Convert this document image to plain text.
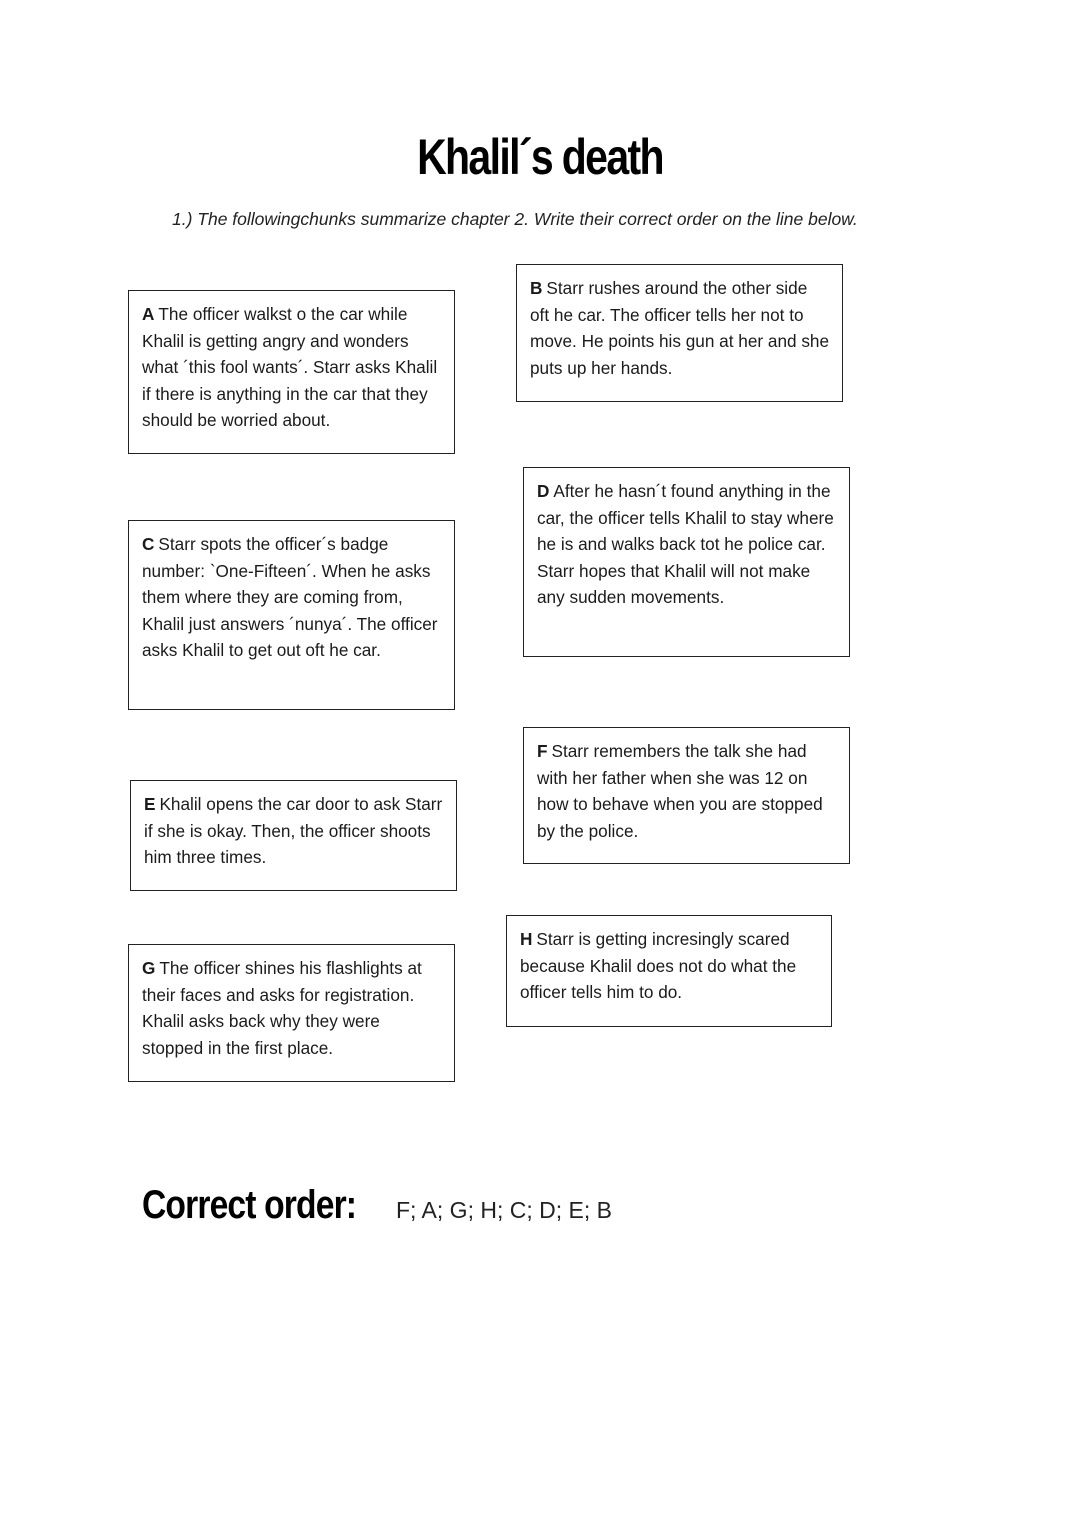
Khalil´s death
1.) The followingchunks summarize chapter 2. Write their correct order on the line below.
A The officer walkst o the car while Khalil is getting angry and wonders what ´this fool wants´. Starr asks Khalil if there is anything in the car that they should be worried about.
B Starr rushes around the other side oft he car. The officer tells her not to move. He points his gun at her and she puts up her hands.
C Starr spots the officer´s badge number: `One-Fifteen´. When he asks them where they are coming from, Khalil just answers ´nunya´. The officer asks Khalil to get out oft he car.
D After he hasn´t found anything in the car, the officer tells Khalil to stay where he is and walks back tot he police car. Starr hopes that Khalil will not make any sudden movements.
E Khalil opens the car door to ask Starr if she is okay. Then, the officer shoots him three times.
F Starr remembers the talk she had with her father when she was 12 on how to behave when you are stopped by the police.
G The officer shines his flashlights at their faces and asks for registration. Khalil asks back why they were stopped in the first place.
H Starr is getting incresingly scared because Khalil does not do what the officer tells him to do.
Correct order: F; A; G; H; C; D; E; B
